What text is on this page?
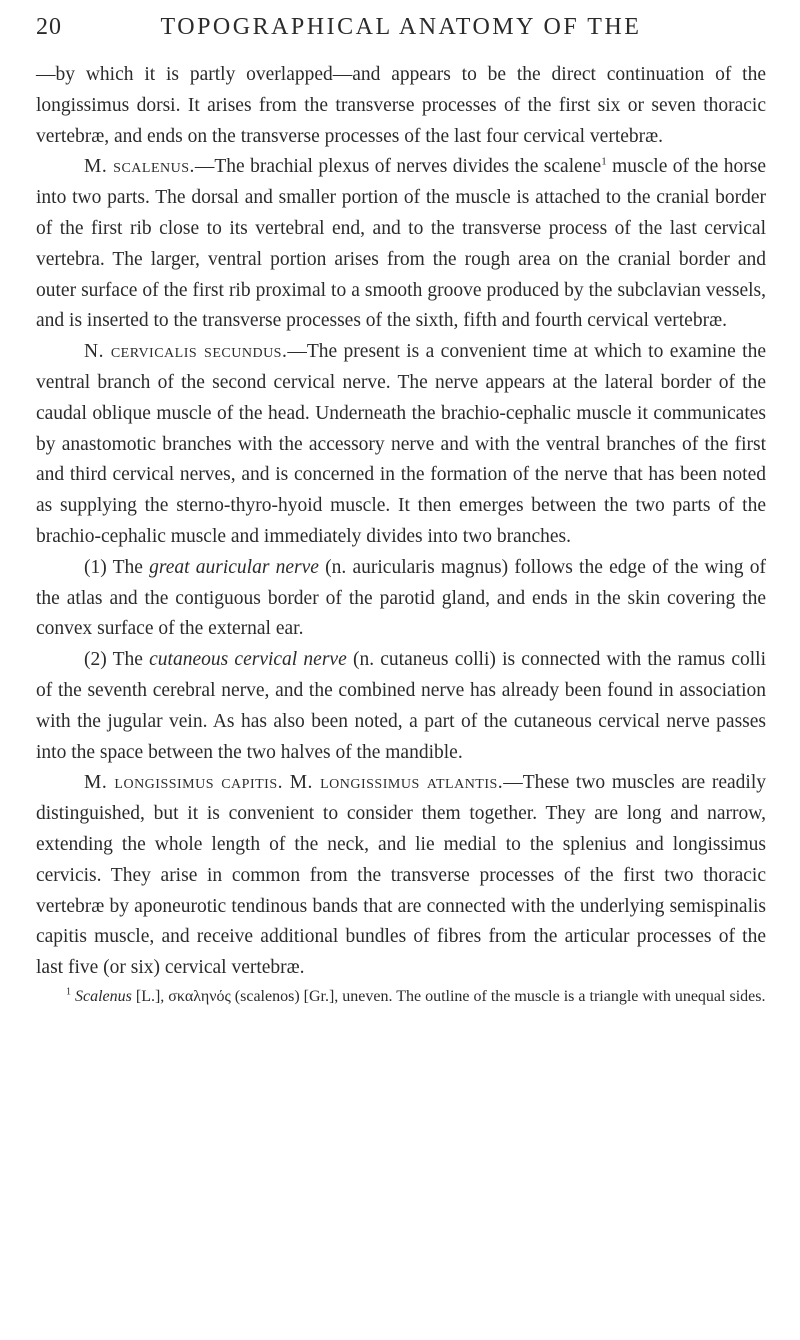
20	TOPOGRAPHICAL ANATOMY OF THE

—by which it is partly overlapped—and appears to be the direct continuation of the longissimus dorsi. It arises from the transverse processes of the first six or seven thoracic vertebræ, and ends on the transverse processes of the last four cervical vertebræ.

M. scalenus.—The brachial plexus of nerves divides the scalene$^1$ muscle of the horse into two parts. The dorsal and smaller portion of the muscle is attached to the cranial border of the first rib close to its vertebral end, and to the transverse process of the last cervical vertebra. The larger, ventral portion arises from the rough area on the cranial border and outer surface of the first rib proximal to a smooth groove produced by the subclavian vessels, and is inserted to the transverse processes of the sixth, fifth and fourth cervical vertebræ.

N. cervicalis secundus.—The present is a convenient time at which to examine the ventral branch of the second cervical nerve. The nerve appears at the lateral border of the caudal oblique muscle of the head. Underneath the brachio-cephalic muscle it communicates by anastomotic branches with the accessory nerve and with the ventral branches of the first and third cervical nerves, and is concerned in the formation of the nerve that has been noted as supplying the sterno-thyro-hyoid muscle. It then emerges between the two parts of the brachio-cephalic muscle and immediately divides into two branches.

(1) The great auricular nerve (n. auricularis magnus) follows the edge of the wing of the atlas and the contiguous border of the parotid gland, and ends in the skin covering the convex surface of the external ear.

(2) The cutaneous cervical nerve (n. cutaneus colli) is connected with the ramus colli of the seventh cerebral nerve, and the combined nerve has already been found in association with the jugular vein. As has also been noted, a part of the cutaneous cervical nerve passes into the space between the two halves of the mandible.

M. longissimus capitis. M. longissimus atlantis.—These two muscles are readily distinguished, but it is convenient to consider them together. They are long and narrow, extending the whole length of the neck, and lie medial to the splenius and longissimus cervicis. They arise in common from the transverse processes of the first two thoracic vertebræ by aponeurotic tendinous bands that are connected with the underlying semispinalis capitis muscle, and receive additional bundles of fibres from the articular processes of the last five (or six) cervical vertebræ.

$^1$ Scalenus [L.], σκαληνός (scalenos) [Gr.], uneven. The outline of the muscle is a triangle with unequal sides.
